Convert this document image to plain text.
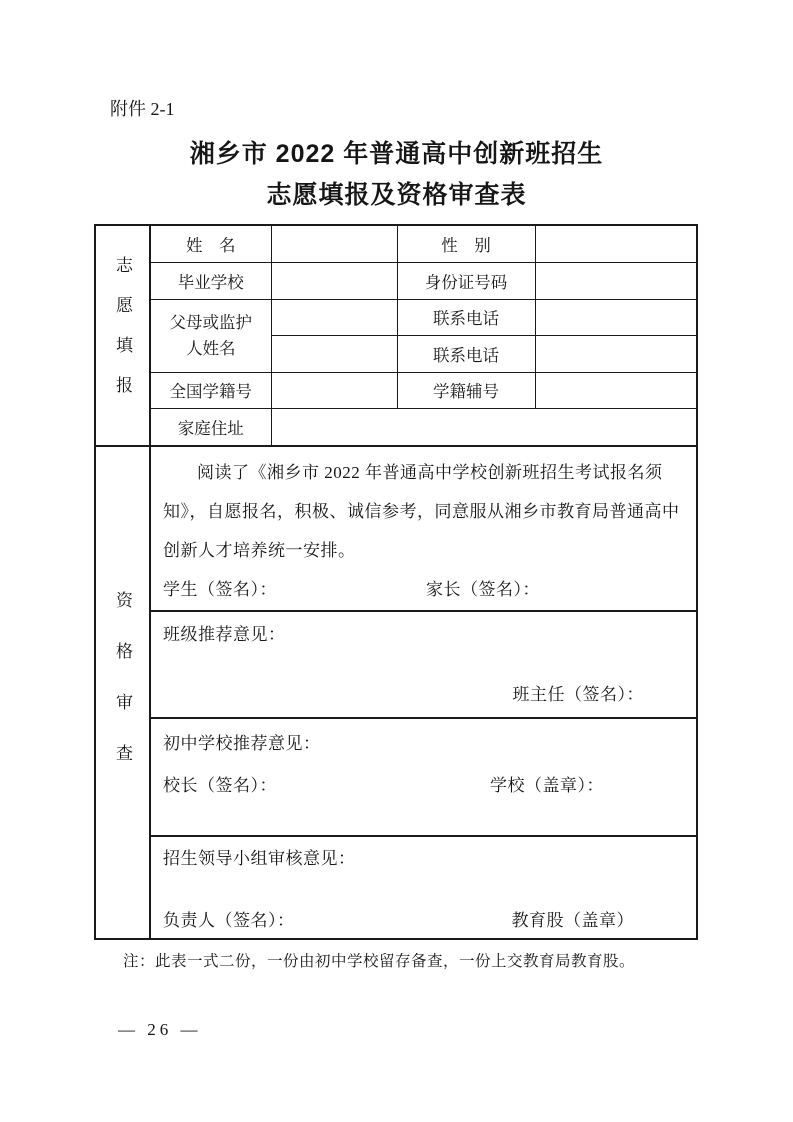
附件 2-1
湘乡市 2022 年普通高中创新班招生
志愿填报及资格审查表
志愿填报
姓　名		性　别	
毕业学校		身份证号码	

父母或监护
人姓名		联系电话	
		联系电话	
全国学籍号		学籍辅号	
家庭住址			
资格审查

阅读了《湘乡市 2022 年普通高中学校创新班招生考试报名须知》，自愿报名，积极、诚信参考，同意服从湘乡市教育局普通高中创新人才培养统一安排。

学生（签名）：	家长（签名）：
班级推荐意见：
班主任（签名）：
初中学校推荐意见：
校长（签名）：	学校（盖章）：
招生领导小组审核意见：
负责人（签名）：	教育股（盖章）
注：此表一式二份，一份由初中学校留存备查，一份上交教育局教育股。
— 26 —
